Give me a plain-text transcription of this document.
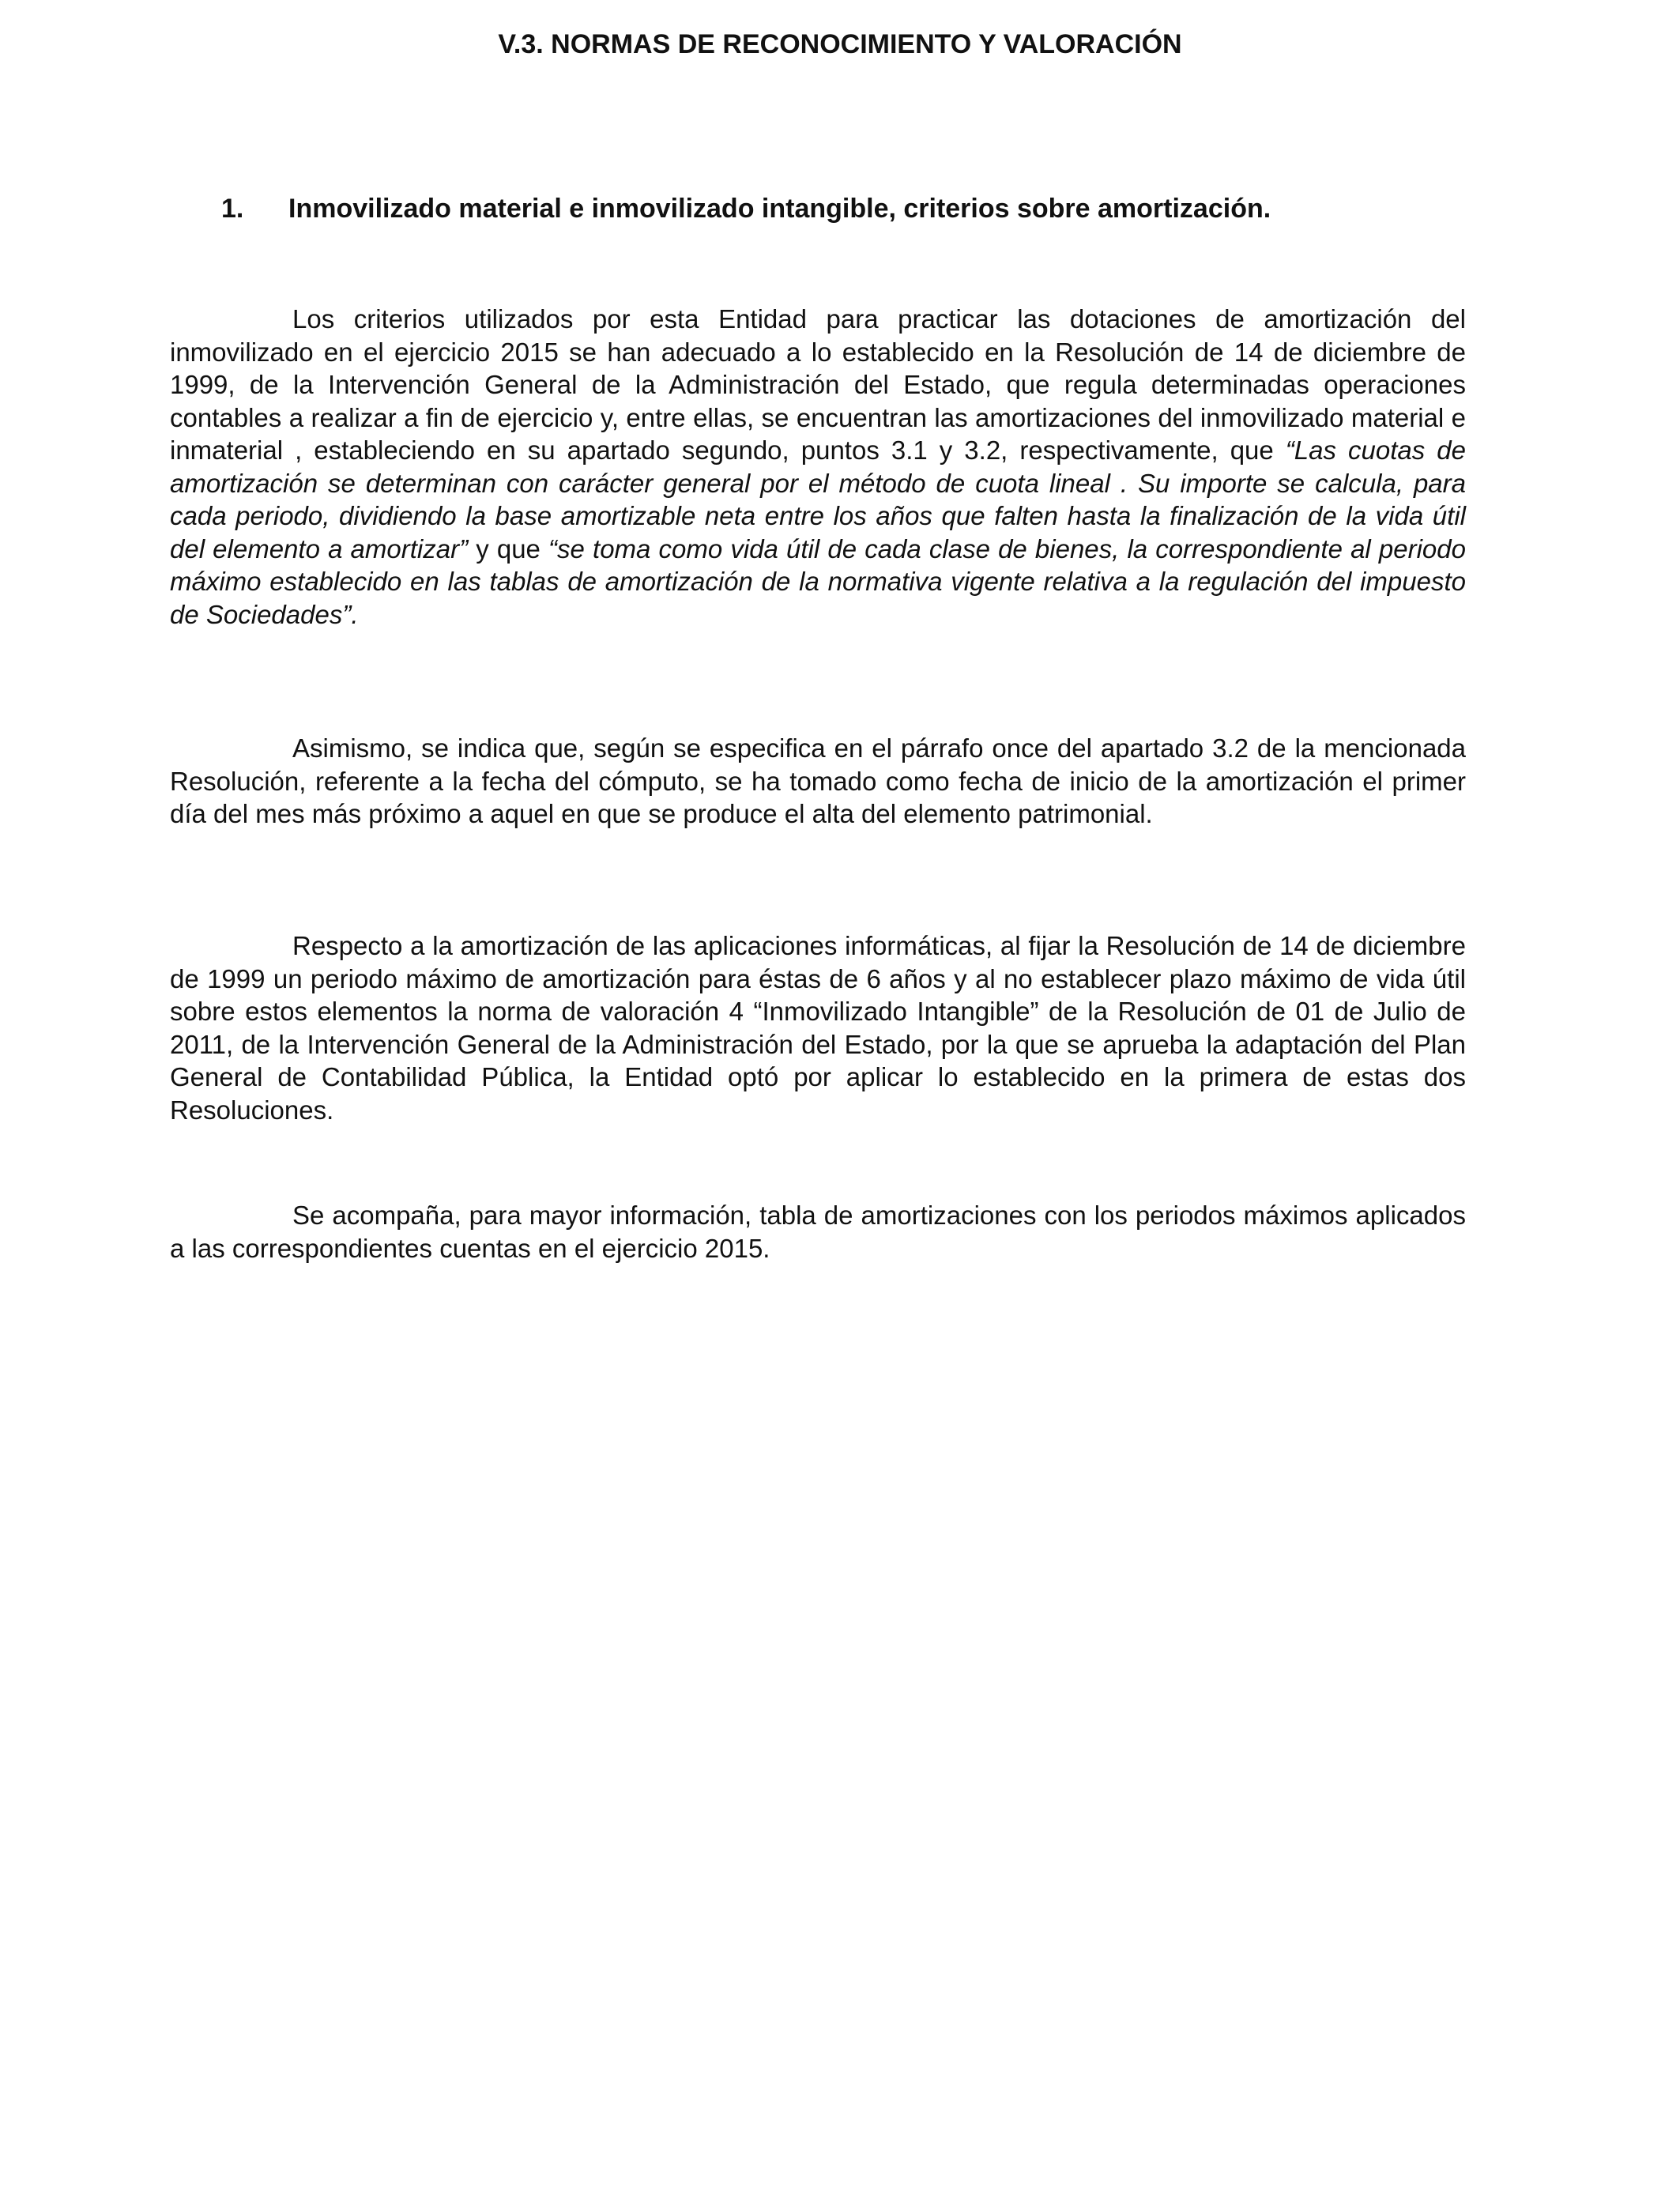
V.3. NORMAS DE RECONOCIMIENTO Y VALORACIÓN
1. Inmovilizado material e inmovilizado intangible, criterios sobre amortización.

Los criterios utilizados por esta Entidad para practicar las dotaciones de amortización del inmovilizado en el ejercicio 2015 se han adecuado a lo establecido en la Resolución de 14 de diciembre de 1999, de la Intervención General de la Administración del Estado, que regula determinadas operaciones contables a realizar a fin de ejercicio y, entre ellas, se encuentran las amortizaciones del inmovilizado material e inmaterial , estableciendo en su apartado segundo, puntos 3.1 y 3.2, respectivamente, que “Las cuotas de amortización se determinan con carácter general por el método de cuota lineal . Su importe se calcula, para cada periodo, dividiendo la base amortizable neta entre los años que falten hasta la finalización de la vida útil del elemento a amortizar” y que “se toma como vida útil de cada clase de bienes, la correspondiente al periodo máximo establecido en las tablas de amortización de la normativa vigente relativa a la regulación del impuesto de Sociedades”.

Asimismo, se indica que, según se especifica en el párrafo once del apartado 3.2 de la mencionada Resolución, referente a la fecha del cómputo, se ha tomado como fecha de inicio de la amortización el primer día del mes más próximo a aquel en que se produce el alta del elemento patrimonial.

Respecto a la amortización de las aplicaciones informáticas, al fijar la Resolución de 14 de diciembre de 1999 un periodo máximo de amortización para éstas de 6 años y al no establecer plazo máximo de vida útil sobre estos elementos la norma de valoración 4 “Inmovilizado Intangible” de la Resolución de 01 de Julio de 2011, de la Intervención General de la Administración del Estado, por la que se aprueba la adaptación del Plan General de Contabilidad Pública, la Entidad optó por aplicar lo establecido en la primera de estas dos Resoluciones.

Se acompaña, para mayor información, tabla de amortizaciones con los periodos máximos aplicados a las correspondientes cuentas en el ejercicio 2015.
